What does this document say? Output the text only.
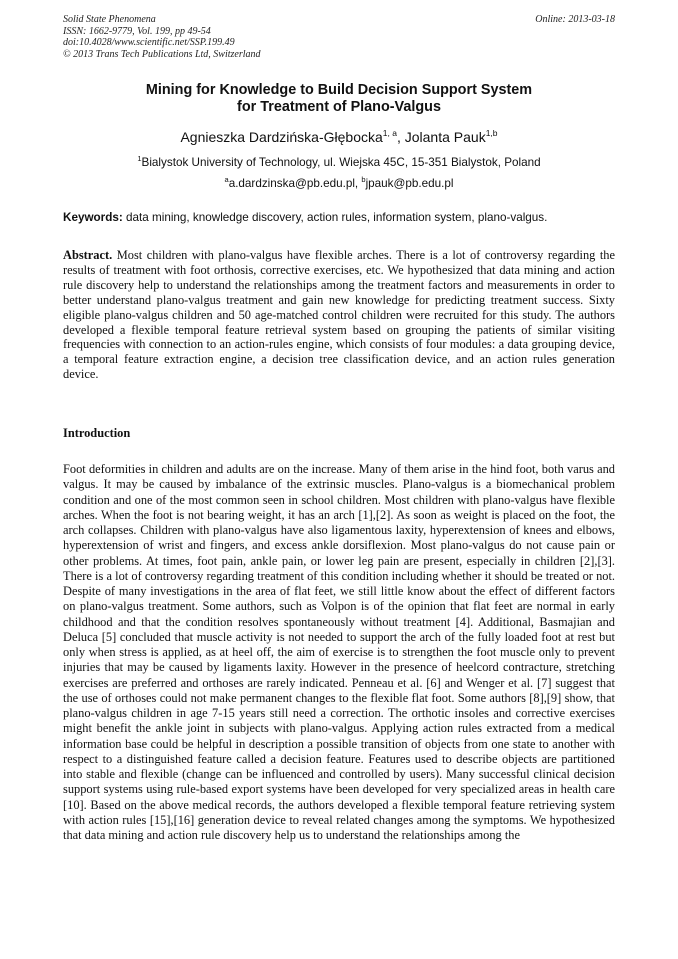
Solid State Phenomena
ISSN: 1662-9779, Vol. 199, pp 49-54
doi:10.4028/www.scientific.net/SSP.199.49
© 2013 Trans Tech Publications Ltd, Switzerland
Online: 2013-03-18
Mining for Knowledge to Build Decision Support System
for Treatment of Plano-Valgus
Agnieszka Dardzińska-Głębocka$^{1, a}$, Jolanta Pauk$^{1,b}$
$^1$Bialystok University of Technology, ul. Wiejska 45C, 15-351 Bialystok, Poland
$^a$a.dardzinska@pb.edu.pl, $^b$jpauk@pb.edu.pl
Keywords: data mining, knowledge discovery, action rules, information system, plano-valgus.
Abstract. Most children with plano-valgus have flexible arches. There is a lot of controversy regarding the results of treatment with foot orthosis, corrective exercises, etc. We hypothesized that data mining and action rule discovery help to understand the relationships among the treatment factors and measurements in order to better understand plano-valgus treatment and gain new knowledge for predicting treatment success. Sixty eligible plano-valgus children and 50 age-matched control children were recruited for this study. The authors developed a flexible temporal feature retrieval system based on grouping the patients of similar visiting frequencies with connection to an action-rules engine, which consists of four modules: a data grouping device, a temporal feature extraction engine, a decision tree classification device, and an action rules generation device.
Introduction
Foot deformities in children and adults are on the increase. Many of them arise in the hind foot, both varus and valgus. It may be caused by imbalance of the extrinsic muscles. Plano-valgus is a biomechanical problem condition and one of the most common seen in school children. Most children with plano-valgus have flexible arches. When the foot is not bearing weight, it has an arch [1],[2]. As soon as weight is placed on the foot, the arch collapses. Children with plano-valgus have also ligamentous laxity, hyperextension of knees and elbows, hyperextension of wrist and fingers, and excess ankle dorsiflexion. Most plano-valgus do not cause pain or other problems. At times, foot pain, ankle pain, or lower leg pain are present, especially in children [2],[3]. There is a lot of controversy regarding treatment of this condition including whether it should be treated or not. Despite of many investigations in the area of flat feet, we still little know about the effect of different factors on plano-valgus treatment. Some authors, such as Volpon is of the opinion that flat feet are normal in early childhood and that the condition resolves spontaneously without treatment [4]. Additional, Basmajian and Deluca [5] concluded that muscle activity is not needed to support the arch of the fully loaded foot at rest but only when stress is applied, as at heel off, the aim of exercise is to strengthen the foot muscle only to prevent injuries that may be caused by ligaments laxity. However in the presence of heelcord contracture, stretching exercises are preferred and orthoses are rarely indicated. Penneau et al. [6] and Wenger et al. [7] suggest that the use of orthoses could not make permanent changes to the flexible flat foot. Some authors [8],[9] show, that plano-valgus children in age 7-15 years still need a correction. The orthotic insoles and corrective exercises might benefit the ankle joint in subjects with plano-valgus. Applying action rules extracted from a medical information base could be helpful in description a possible transition of objects from one state to another with respect to a distinguished feature called a decision feature. Features used to describe objects are partitioned into stable and flexible (change can be influenced and controlled by users). Many successful clinical decision support systems using rule-based export systems have been developed for very specialized areas in health care [10]. Based on the above medical records, the authors developed a flexible temporal feature retrieving system with action rules [15],[16] generation device to reveal related changes among the symptoms. We hypothesized that data mining and action rule discovery help us to understand the relationships among the
